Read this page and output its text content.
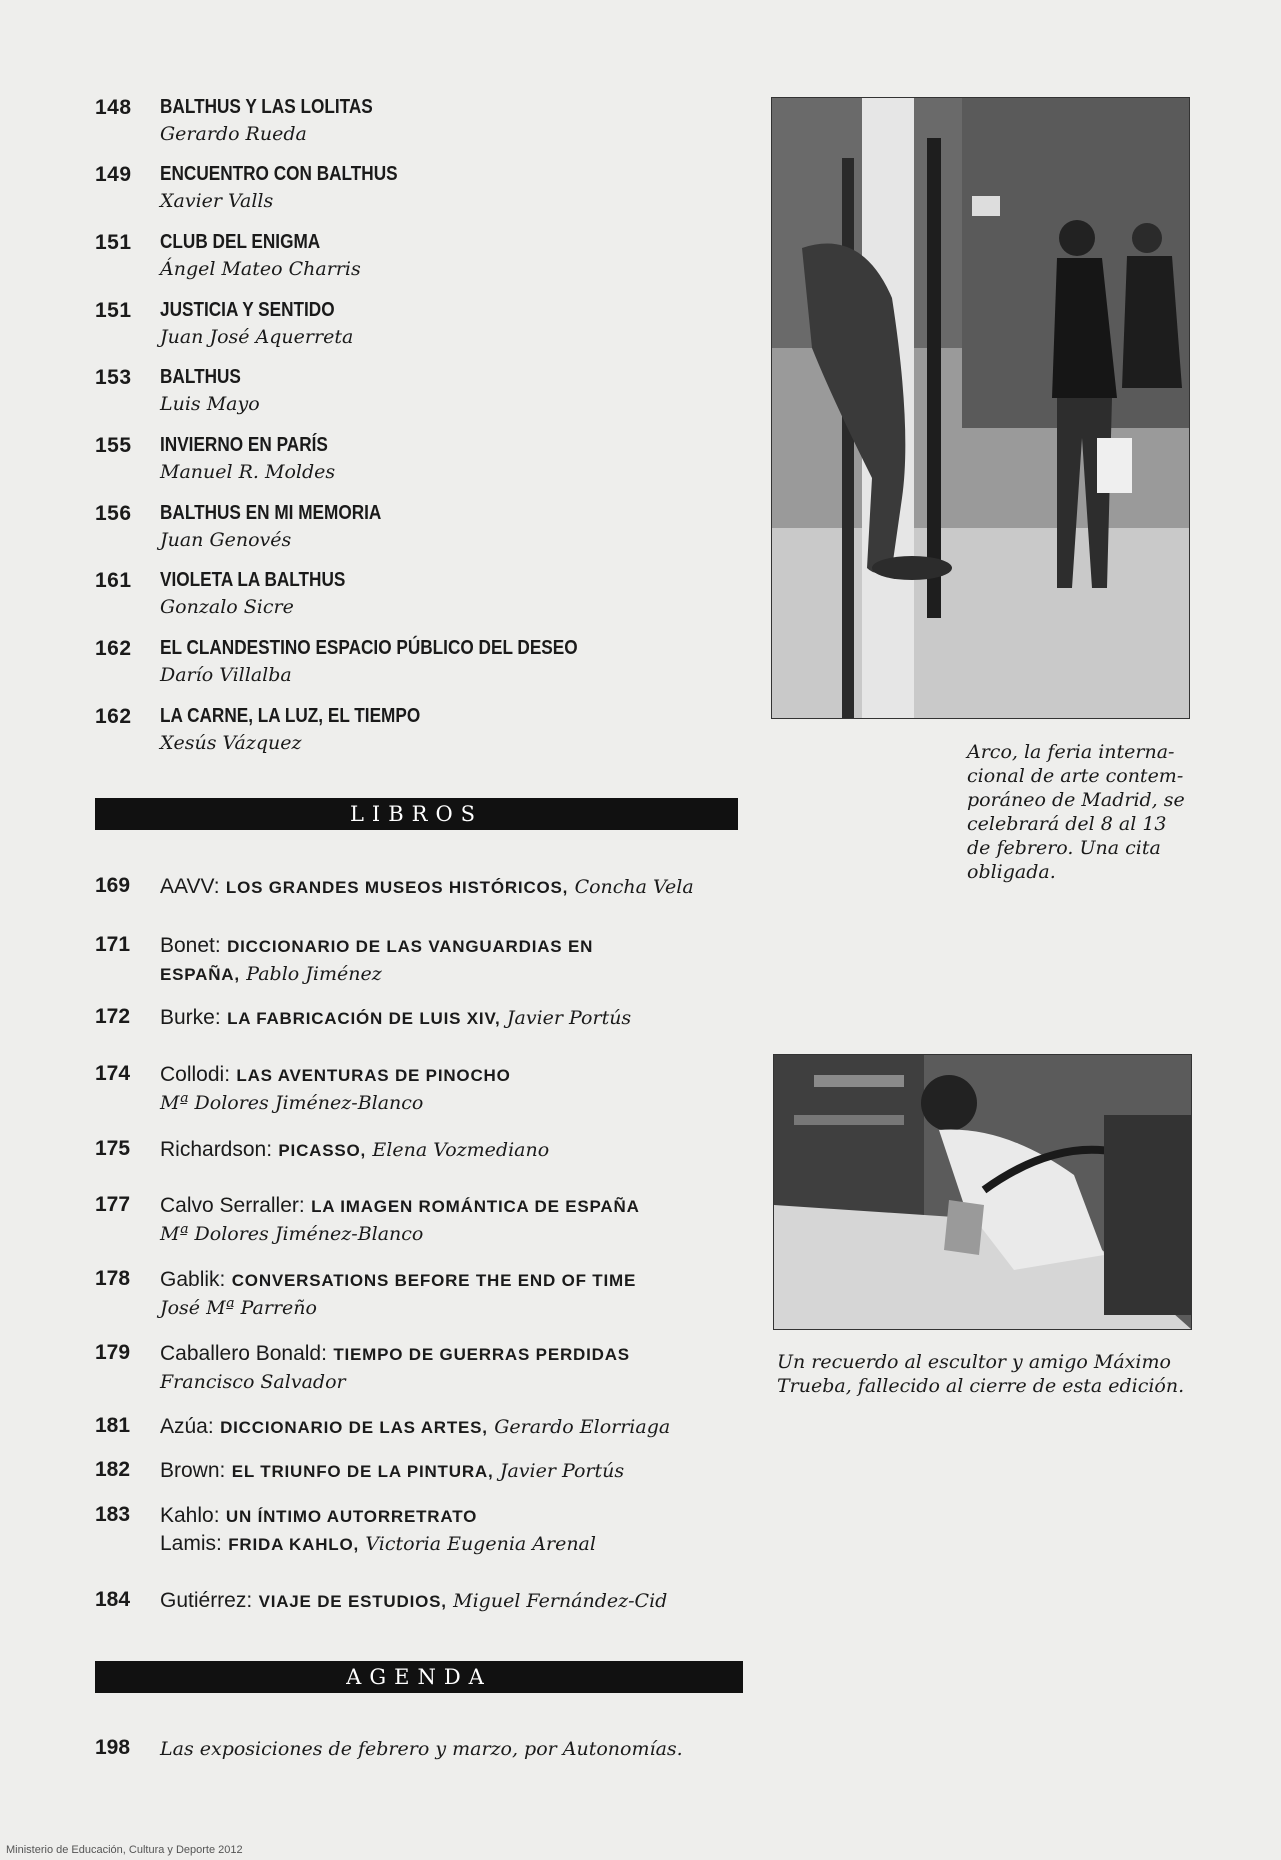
148 BALTHUS Y LAS LOLITAS
Gerardo Rueda
149 ENCUENTRO CON BALTHUS
Xavier Valls
151 CLUB DEL ENIGMA
Ángel Mateo Charris
151 JUSTICIA Y SENTIDO
Juan José Aquerreta
153 BALTHUS
Luis Mayo
155 INVIERNO EN PARÍS
Manuel R. Moldes
156 BALTHUS EN MI MEMORIA
Juan Genovés
161 VIOLETA LA BALTHUS
Gonzalo Sicre
162 EL CLANDESTINO ESPACIO PÚBLICO DEL DESEO
Darío Villalba
162 LA CARNE, LA LUZ, EL TIEMPO
Xesús Vázquez
LIBROS
169 AAVV: LOS GRANDES MUSEOS HISTÓRICOS, Concha Vela
171 Bonet: DICCIONARIO DE LAS VANGUARDIAS EN
ESPAÑA, Pablo Jiménez
172 Burke: LA FABRICACIÓN DE LUIS XIV, Javier Portús
174 Collodi: LAS AVENTURAS DE PINOCHO
Mª Dolores Jiménez-Blanco
175 Richardson: PICASSO, Elena Vozmediano
177 Calvo Serraller: LA IMAGEN ROMÁNTICA DE ESPAÑA
Mª Dolores Jiménez-Blanco
178 Gablik: CONVERSATIONS BEFORE THE END OF TIME
José Mª Parreño
179 Caballero Bonald: TIEMPO DE GUERRAS PERDIDAS
Francisco Salvador
181 Azúa: DICCIONARIO DE LAS ARTES, Gerardo Elorriaga
182 Brown: EL TRIUNFO DE LA PINTURA, Javier Portús
183 Kahlo: UN ÍNTIMO AUTORRETRATO
Lamis: FRIDA KAHLO, Victoria Eugenia Arenal
184 Gutiérrez: VIAJE DE ESTUDIOS, Miguel Fernández-Cid
AGENDA
198 Las exposiciones de febrero y marzo, por Autonomías.
Arco, la feria interna-
cional de arte contem-
poráneo de Madrid, se
celebrará del 8 al 13
de febrero. Una cita
obligada.
Un recuerdo al escultor y amigo Máximo
Trueba, fallecido al cierre de esta edición.
Ministerio de Educación, Cultura y Deporte 2012
